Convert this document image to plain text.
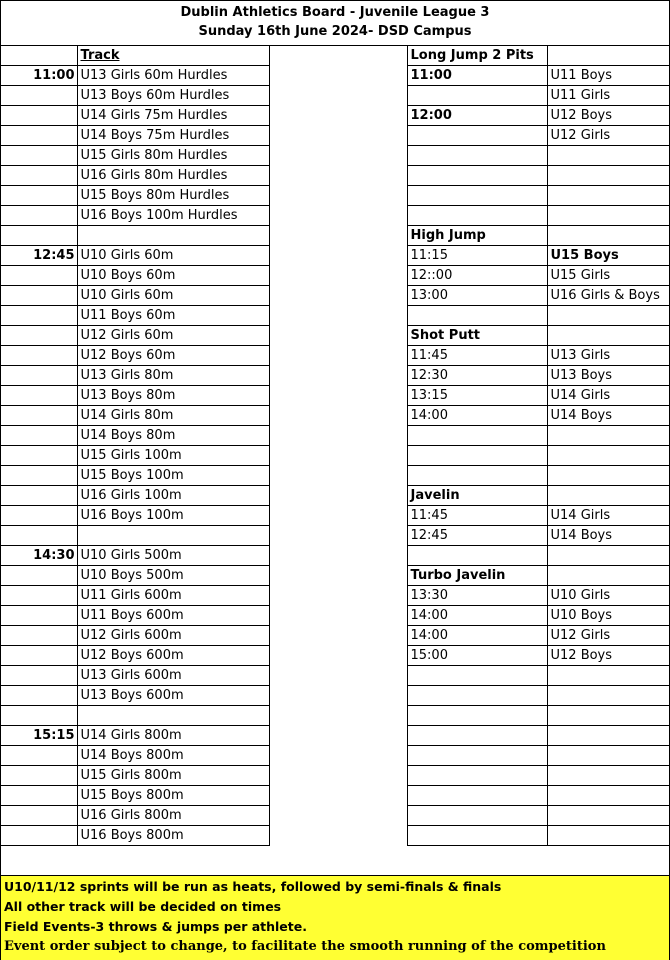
Dublin Athletics Board - Juvenile League 3
Sunday 16th June 2024- DSD Campus
	Track		Long Jump 2 Pits	
11:00	U13 Girls 60m Hurdles		11:00	U11 Boys
	U13 Boys 60m Hurdles			U11 Girls
	U14 Girls 75m Hurdles		12:00	U12 Boys
	U14 Boys 75m Hurdles			U12 Girls
	U15 Girls 80m Hurdles			
	U16 Girls 80m Hurdles			
	U15 Boys 80m Hurdles			
	U16 Boys 100m Hurdles			
			High Jump	
12:45	U10 Girls 60m		11:15	U15 Boys
	U10 Boys 60m		12::00	U15 Girls
	U10 Girls 60m		13:00	U16 Girls & Boys
	U11 Boys 60m			
	U12 Girls 60m		Shot Putt	
	U12 Boys 60m		11:45	U13 Girls
	U13 Girls 80m		12:30	U13 Boys
	U13 Boys 80m		13:15	U14 Girls
	U14 Girls 80m		14:00	U14 Boys
	U14 Boys 80m			
	U15 Girls 100m			
	U15 Boys 100m			
	U16 Girls 100m		Javelin	
	U16 Boys 100m		11:45	U14 Girls
			12:45	U14 Boys
14:30	U10 Girls 500m			
	U10 Boys 500m		Turbo Javelin	
	U11 Girls 600m		13:30	U10 Girls
	U11 Boys 600m		14:00	U10 Boys
	U12 Girls 600m		14:00	U12 Girls
	U12 Boys 600m		15:00	U12 Boys
	U13 Girls 600m			
	U13 Boys 600m			

15:15	U14 Girls 800m			
	U14 Boys 800m			
	U15 Girls 800m			
	U15 Boys 800m			
	U16 Girls 800m			
	U16 Boys 800m			
U10/11/12 sprints will be run as heats, followed by semi-finals & finals
All other track will be decided on times
Field Events-3 throws & jumps per athlete.
Event order subject to change, to facilitate the smooth running of the competition
